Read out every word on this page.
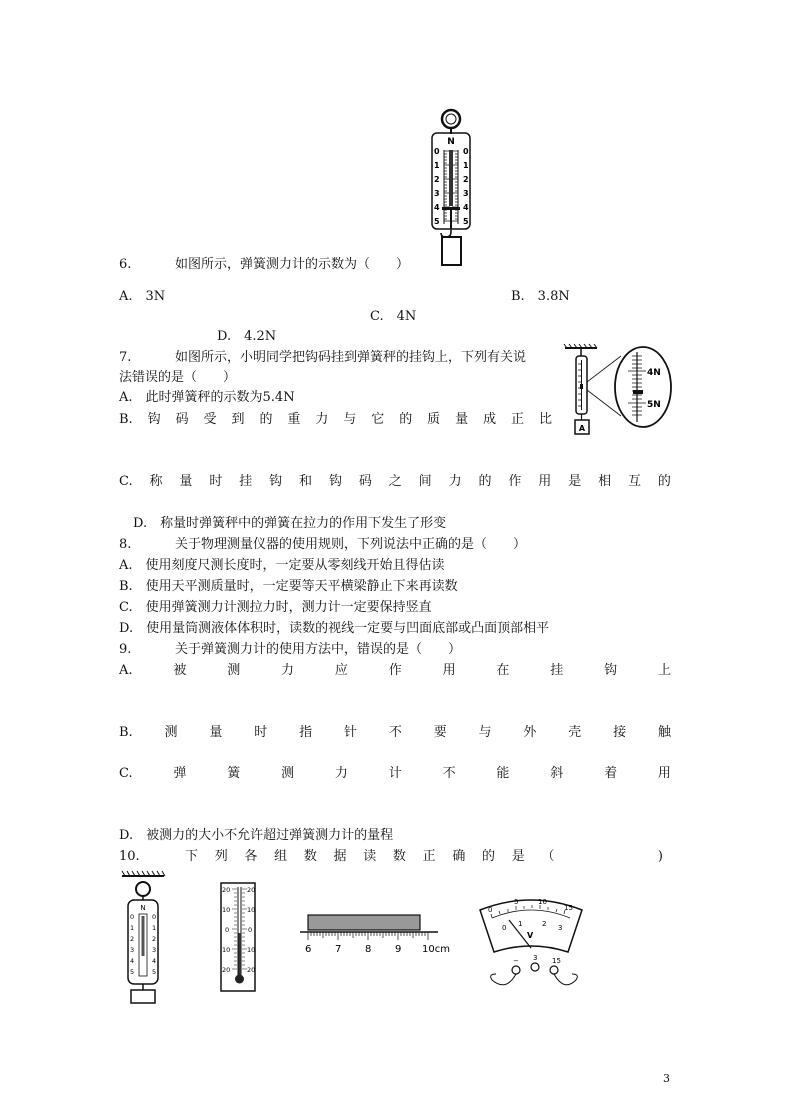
N
0
1
2
3
4
5
0
1
2
3
4
5
6.	如图所示，弹簧测力计的示数为（　　）
A.　3N	B.　3.8N
C.　4N
D.　4.2N
A
4N
5N
7.	如图所示，小明同学把钩码挂到弹簧秤的挂钩上，下列有关说
法错误的是（　　）
A.　此时弹簧秤的示数为5.4N
B. 钩 码 受 到 的 重 力 与 它 的 质 量 成 正 比
C. 称 量 时 挂 钩 和 钩 码 之 间 力 的 作 用 是 相 互 的
D.　称量时弹簧秤中的弹簧在拉力的作用下发生了形变
8.	关于物理测量仪器的使用规则，下列说法中正确的是（　　）
A.　使用刻度尺测长度时，一定要从零刻线开始且得估读
B.　使用天平测质量时，一定要等天平横梁静止下来再读数
C.　使用弹簧测力计测拉力时，测力计一定要保持竖直
D.　使用量筒测液体体积时，读数的视线一定要与凹面底部或凸面顶部相平
9.	关于弹簧测力计的使用方法中，错误的是（　　）
A.	被	测	力	应	作	用	在	挂	钩	上
B. 测 量 时 指 针 不 要 与 外 壳 接 触
C.	弹	簧	测	力	计	不	能	斜	着	用
D.　被测力的大小不允许超过弹簧测力计的量程
10.	下 列 各 组 数 据 读 数 正 确 的 是 （	)
N
0
1
2
3
4
5
0
1
2
3
4
5
20
10
0
10
20
20
10
0
10
20
6 7 8 9 10cm
0
5	10
15
0 1	2 3
V
− 3 15
3
